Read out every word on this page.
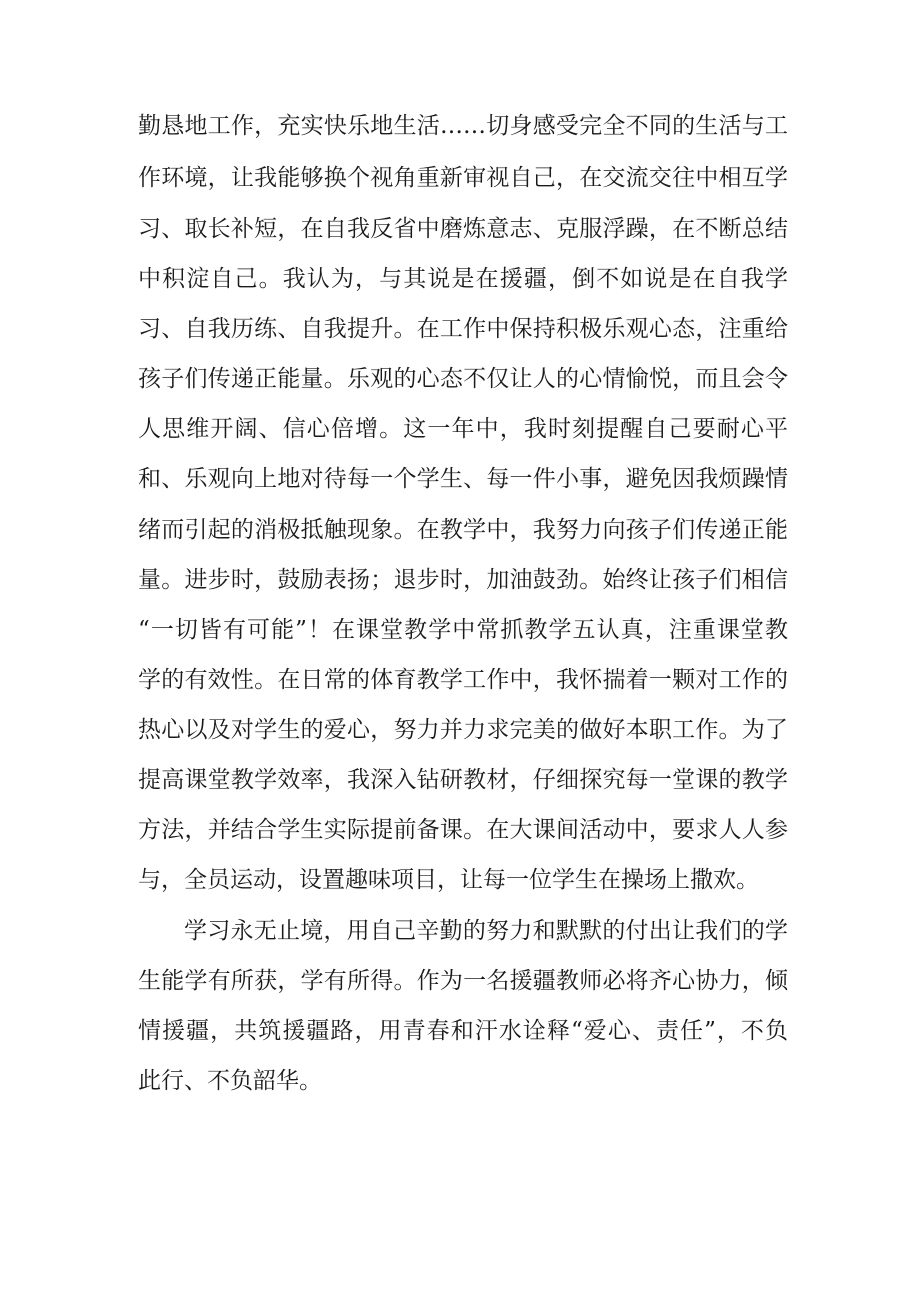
勤恳地工作，充实快乐地生活……切身感受完全不同的生活与工
作环境，让我能够换个视角重新审视自己，在交流交往中相互学
习、取长补短，在自我反省中磨炼意志、克服浮躁，在不断总结
中积淀自己。我认为，与其说是在援疆，倒不如说是在自我学
习、自我历练、自我提升。在工作中保持积极乐观心态，注重给
孩子们传递正能量。乐观的心态不仅让人的心情愉悦，而且会令
人思维开阔、信心倍增。这一年中，我时刻提醒自己要耐心平
和、乐观向上地对待每一个学生、每一件小事，避免因我烦躁情
绪而引起的消极抵触现象。在教学中，我努力向孩子们传递正能
量。进步时，鼓励表扬；退步时，加油鼓劲。始终让孩子们相信
“一切皆有可能”！在课堂教学中常抓教学五认真，注重课堂教
学的有效性。在日常的体育教学工作中，我怀揣着一颗对工作的
热心以及对学生的爱心，努力并力求完美的做好本职工作。为了
提高课堂教学效率，我深入钻研教材，仔细探究每一堂课的教学
方法，并结合学生实际提前备课。在大课间活动中，要求人人参
与，全员运动，设置趣味项目，让每一位学生在操场上撒欢。
学习永无止境，用自己辛勤的努力和默默的付出让我们的学
生能学有所获，学有所得。作为一名援疆教师必将齐心协力，倾
情援疆，共筑援疆路，用青春和汗水诠释“爱心、责任”，不负
此行、不负韶华。
